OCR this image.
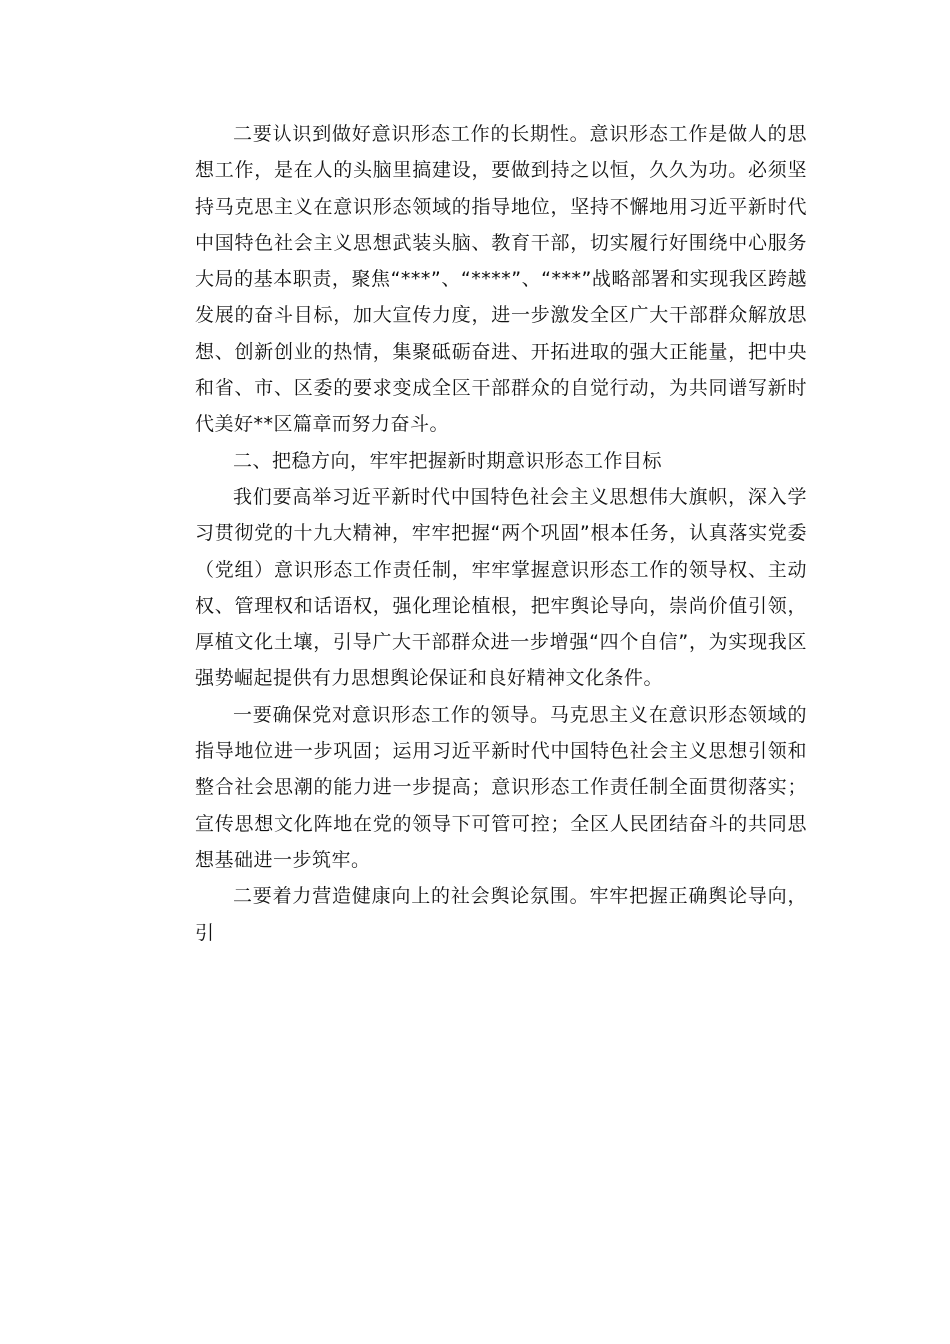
二要认识到做好意识形态工作的长期性。意识形态工作是做人的思想工作，是在人的头脑里搞建设，要做到持之以恒，久久为功。必须坚持马克思主义在意识形态领域的指导地位，坚持不懈地用习近平新时代中国特色社会主义思想武装头脑、教育干部，切实履行好围绕中心服务大局的基本职责，聚焦“***”、“****”、“***”战略部署和实现我区跨越发展的奋斗目标，加大宣传力度，进一步激发全区广大干部群众解放思想、创新创业的热情，集聚砥砺奋进、开拓进取的强大正能量，把中央和省、市、区委的要求变成全区干部群众的自觉行动，为共同谱写新时代美好**区篇章而努力奋斗。

二、把稳方向，牢牢把握新时期意识形态工作目标

我们要高举习近平新时代中国特色社会主义思想伟大旗帜，深入学习贯彻党的十九大精神，牢牢把握“两个巩固”根本任务，认真落实党委（党组）意识形态工作责任制，牢牢掌握意识形态工作的领导权、主动权、管理权和话语权，强化理论植根，把牢舆论导向，崇尚价值引领，厚植文化土壤，引导广大干部群众进一步增强“四个自信”，为实现我区强势崛起提供有力思想舆论保证和良好精神文化条件。

一要确保党对意识形态工作的领导。马克思主义在意识形态领域的指导地位进一步巩固；运用习近平新时代中国特色社会主义思想引领和整合社会思潮的能力进一步提高；意识形态工作责任制全面贯彻落实；宣传思想文化阵地在党的领导下可管可控；全区人民团结奋斗的共同思想基础进一步筑牢。

二要着力营造健康向上的社会舆论氛围。牢牢把握正确舆论导向，引
